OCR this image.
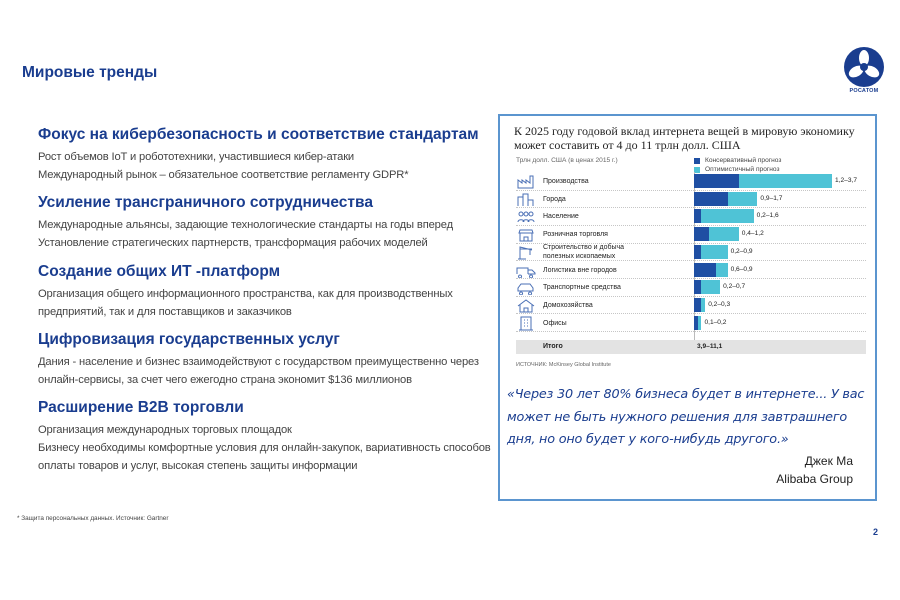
Мировые тренды
РОСАТОМ
Фокус на кибербезопасность и соответствие стандартам
Рост объемов IoT и робототехники, участившиеся кибер-атаки
Международный рынок – обязательное соответствие регламенту GDPR*
Усиление трансграничного сотрудничества
Международные альянсы, задающие технологические стандарты на годы вперед
Установление стратегических партнерств, трансформация рабочих моделей
Создание общих ИТ -платформ
Организация общего информационного пространства, как для производственных
предприятий, так и для поставщиков и заказчиков
Цифровизация государственных услуг
Дания - население и бизнес взаимодействуют с государством преимущественно через
онлайн-сервисы, за счет чего ежегодно страна экономит $136 миллионов
Расширение B2B торговли
Организация международных торговых площадок
Бизнесу необходимы комфортные условия для онлайн-закупок, вариативность способов
оплаты товаров и услуг, высокая степень защиты информации
К 2025 году годовой вклад интернета вещей в мировую экономику может составить от 4 до 11 трлн долл. США
Трлн долл. США (в ценах 2015 г.)	Консервативный прогноз
Оптимистичный прогноз
Производства	1,2–3,7
Города	0,9–1,7
Население	0,2–1,6
Розничная торговля	0,4–1,2
Строительство и добыча полезных ископаемых
0,2–0,9
Логистика вне городов	0,6–0,9
Транспортные средства	0,2–0,7
Домохозяйства	0,2–0,3
Офисы	0,1–0,2
Итого	3,9–11,1
ИСТОЧНИК: McKinsey Global Institute
«Через 30 лет 80% бизнеса будет в интернете... У вас может не быть нужного решения для завтрашнего дня, но оно будет у кого-нибудь другого.»
Джек Ма
Alibaba Group
* Защита персональных данных. Источник: Gartner
2
